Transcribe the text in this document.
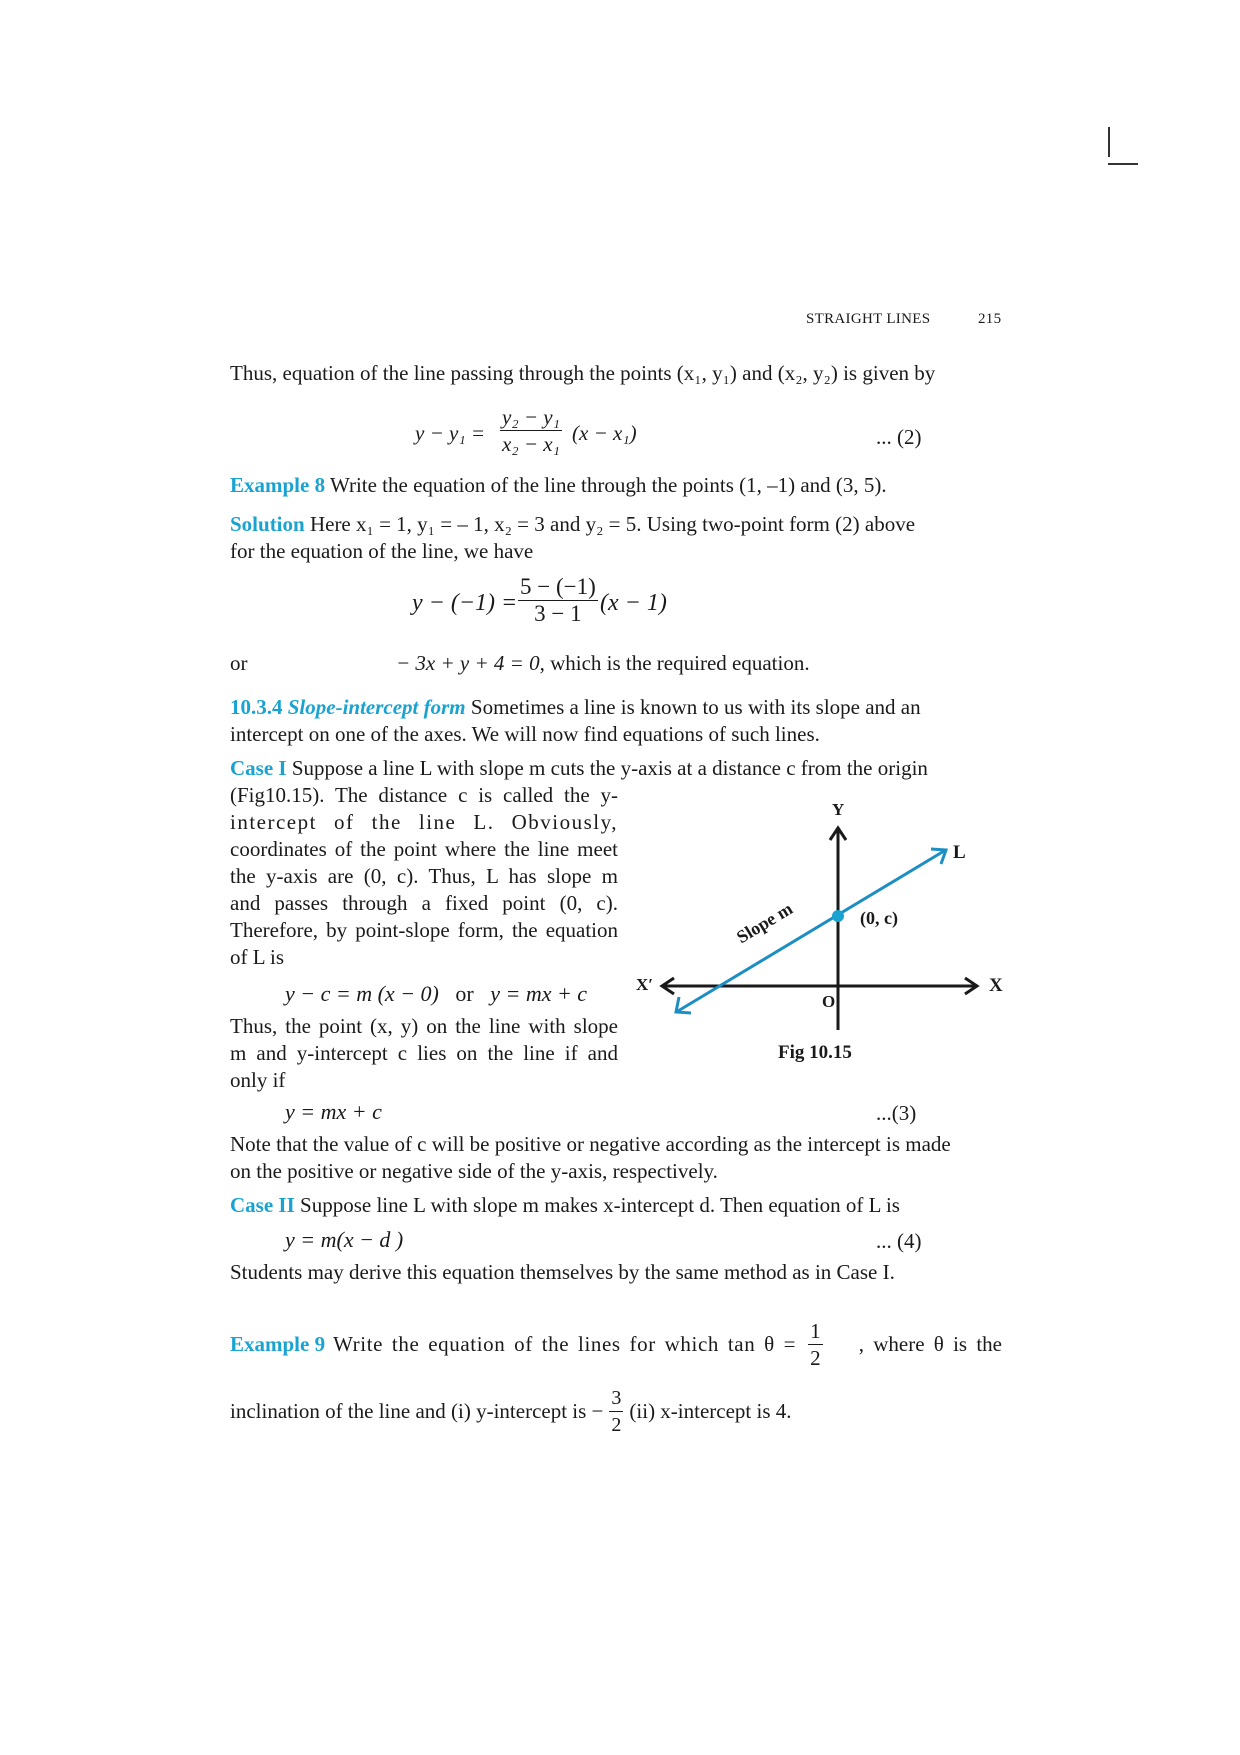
STRAIGHT LINES	215
Thus, equation of the line passing through the points (x₁, y₁) and (x₂, y₂) is given by
$y - y_1 = \frac{\text{y₂ − y₁}}{\text{x₂ − x₁}} (x - x_1)$	... (2)
Example 8 Write the equation of the line through the points (1, –1) and (3, 5).
Solution Here x₁ = 1, y₁ = – 1, x₂ = 3 and y₂ = 5. Using two-point form (2) above
for the equation of the line, we have
$y - (-1) = \frac{5 - (-1)}{3 - 1} (x - 1)$
or	− 3x + y + 4 = 0, which is the required equation.
10.3.4 Slope-intercept form Sometimes a line is known to us with its slope and an
intercept on one of the axes. We will now find equations of such lines.
Case I Suppose a line L with slope m cuts the y-axis at a distance c from the origin
(Fig10.15). The distance c is called the y-
intercept of the line L. Obviously,
coordinates of the point where the line meet
the y-axis are (0, c). Thus, L has slope m
and passes through a fixed point (0, c).
Therefore, by point-slope form, the equation
of L is
y − c = m (x − 0) or y = mx + c
Thus, the point (x, y) on the line with slope
m and y-intercept c lies on the line if and
only if
y = mx + c	...(3)
Note that the value of c will be positive or negative according as the intercept is made
on the positive or negative side of the y-axis, respectively.
Y
X
X′
O
L
(0, c)
Slope m
Fig 10.15
Case II Suppose line L with slope m makes x-intercept d. Then equation of L is
y = m(x − d )	... (4)
Students may derive this equation themselves by the same method as in Case I.
Example 9 Write the equation of the lines for which $\tan \theta = \frac{1}{2}$ , where θ is the
inclination of the line and (i) y-intercept is − $\frac{3}{2} (ii)$ x-intercept is 4.
